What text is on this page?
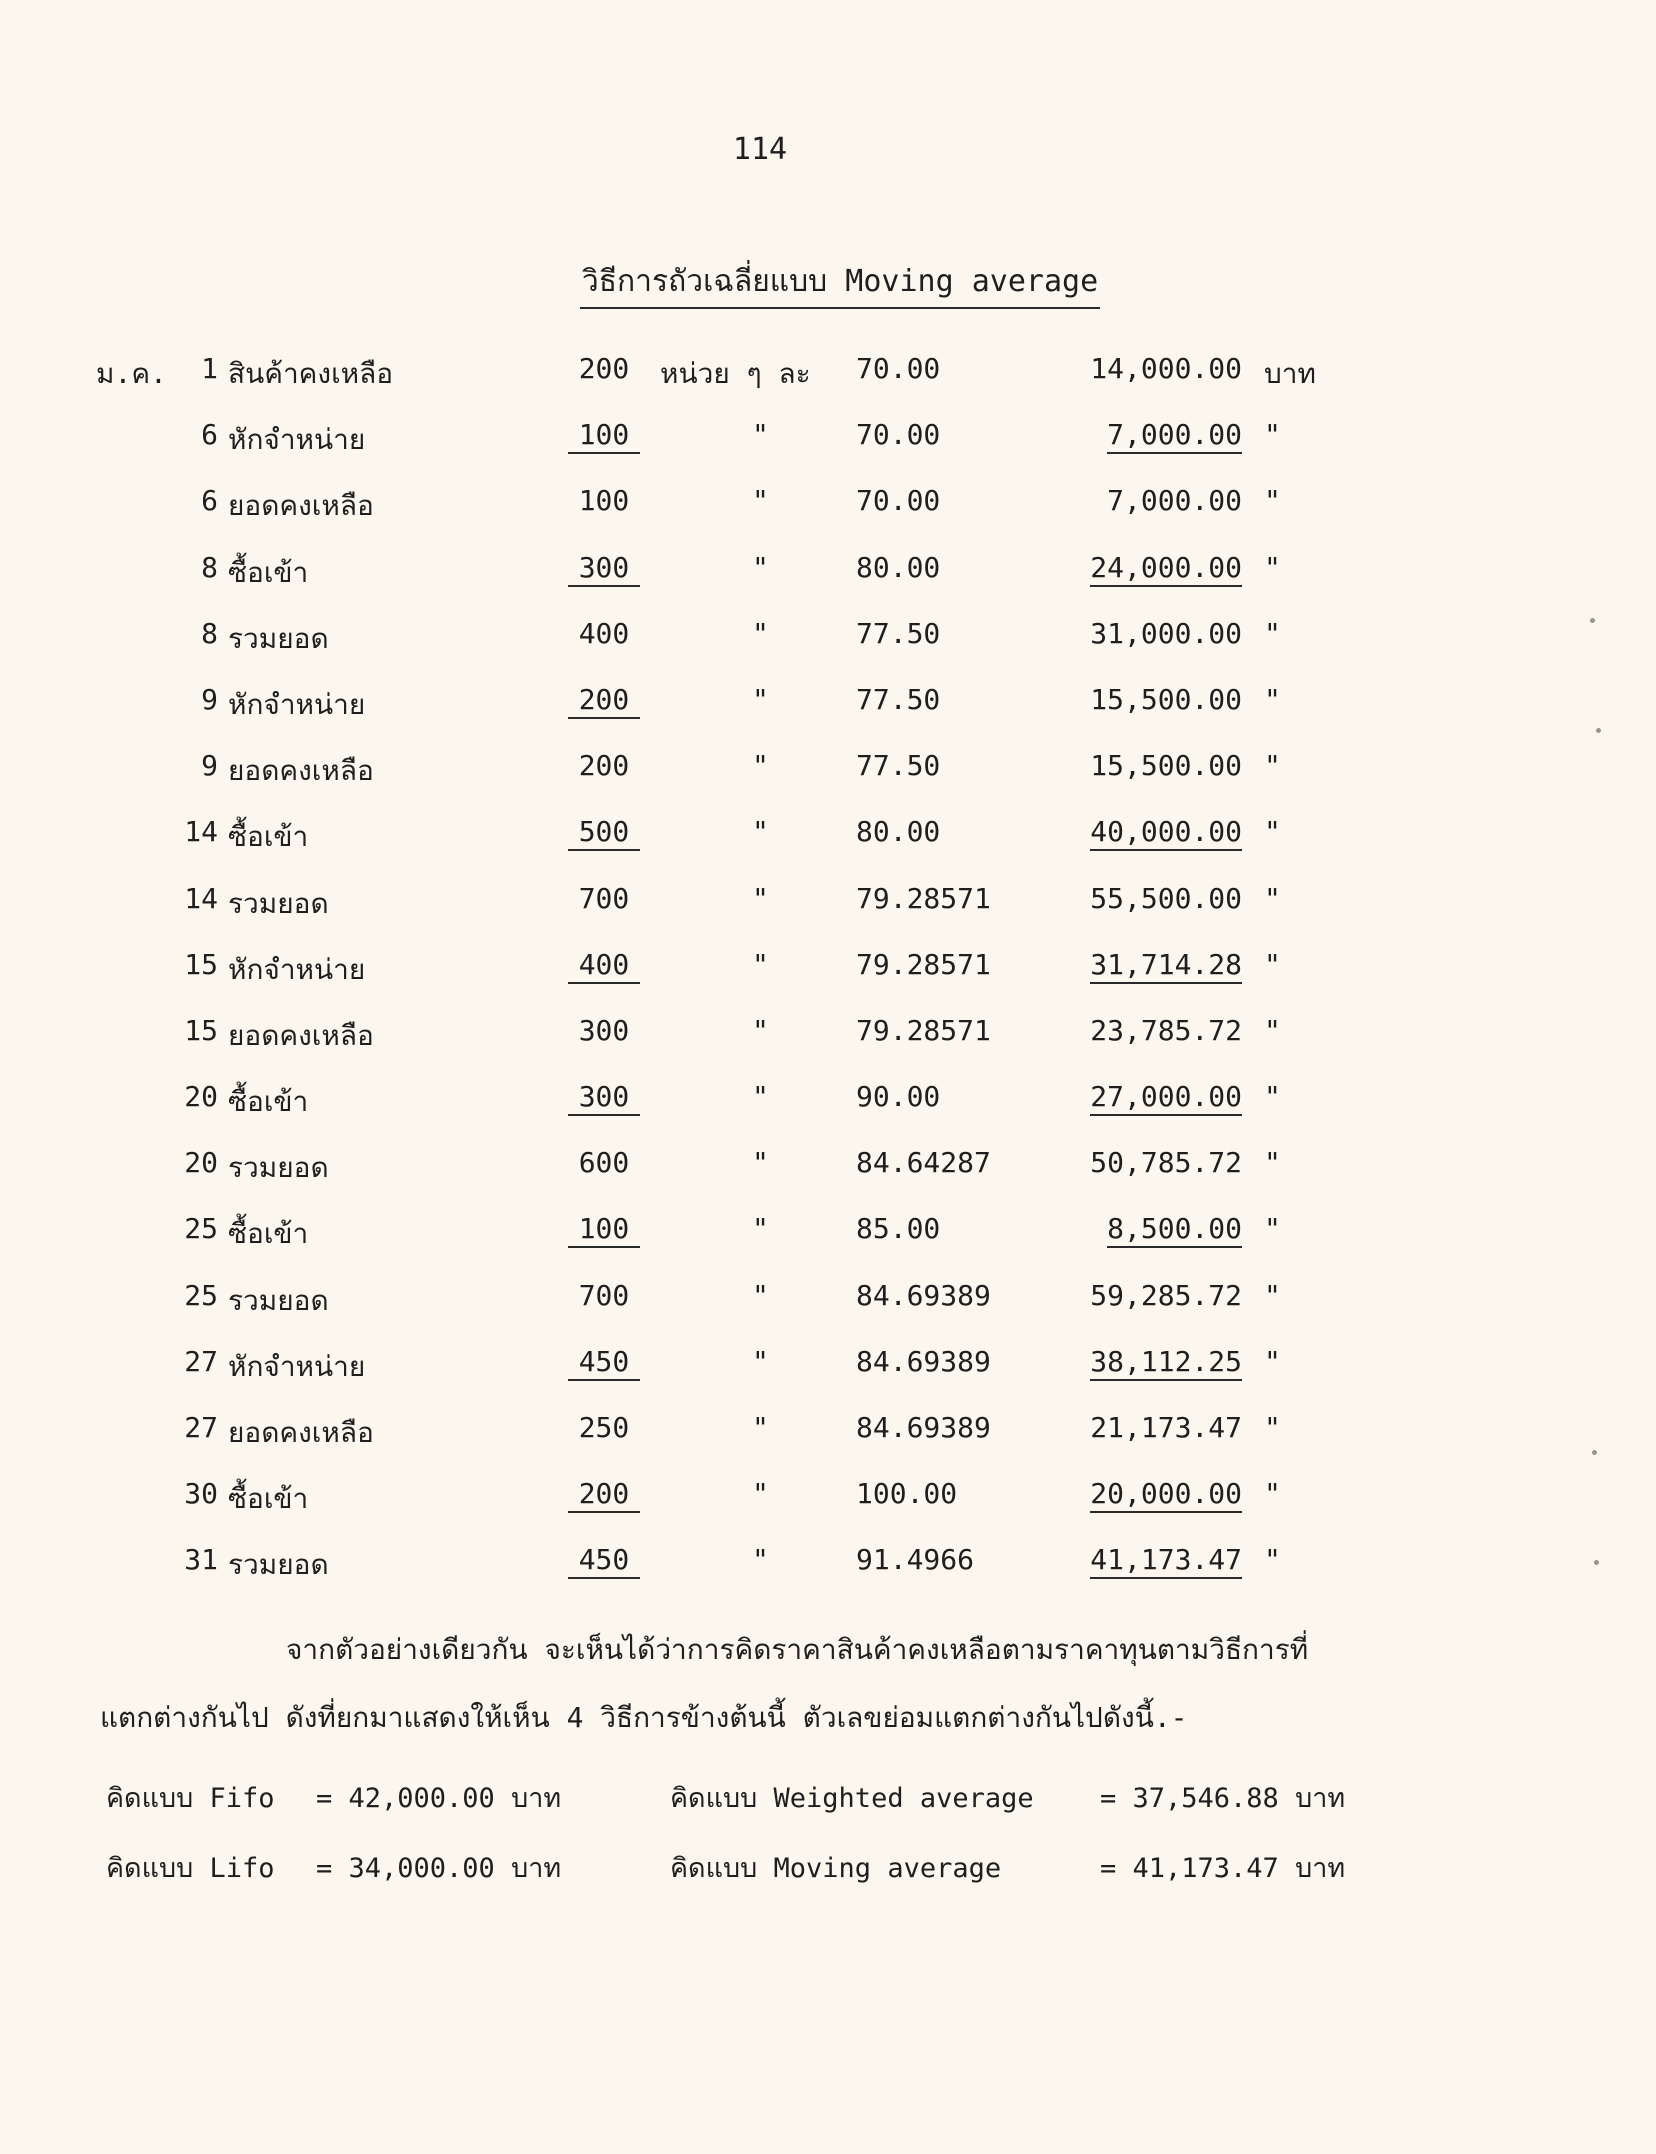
114
วิธีการถัวเฉลี่ยแบบ Moving average
ม.ค.	1 สินค้าคงเหลือ	200	หน่วย ๆ ละ 70.00	14,000.00 บาท
6 หักจำหน่าย	100	"	70.00	7,000.00 "
6 ยอดคงเหลือ	100	"	70.00	7,000.00 "
8 ซื้อเข้า	300	"	80.00	24,000.00 "
8 รวมยอด	400	"	77.50	31,000.00 "
9 หักจำหน่าย	200	"	77.50	15,500.00 "
9 ยอดคงเหลือ	200	"	77.50	15,500.00 "
14 ซื้อเข้า	500	"	80.00	40,000.00 "
14 รวมยอด	700	"	79.28571	55,500.00 "
15 หักจำหน่าย	400	"	79.28571	31,714.28 "
15 ยอดคงเหลือ	300	"	79.28571	23,785.72 "
20 ซื้อเข้า	300	"	90.00	27,000.00 "
20 รวมยอด	600	"	84.64287	50,785.72 "
25 ซื้อเข้า	100	"	85.00	8,500.00 "
25 รวมยอด	700	"	84.69389	59,285.72 "
27 หักจำหน่าย	450	"	84.69389	38,112.25 "
27 ยอดคงเหลือ	250	"	84.69389	21,173.47 "
30 ซื้อเข้า	200	"	100.00	20,000.00 "
31 รวมยอด	450	"	91.4966	41,173.47 "
จากตัวอย่างเดียวกัน จะเห็นได้ว่าการคิดราคาสินค้าคงเหลือตามราคาทุนตามวิธีการที่
แตกต่างกันไป ดังที่ยกมาแสดงให้เห็น 4 วิธีการข้างต้นนี้ ตัวเลขย่อมแตกต่างกันไปดังนี้.-
คิดแบบ Fifo = 42,000.00 บาท	คิดแบบ Weighted average = 37,546.88 บาท
คิดแบบ Lifo = 34,000.00 บาท	คิดแบบ Moving average	= 41,173.47 บาท
